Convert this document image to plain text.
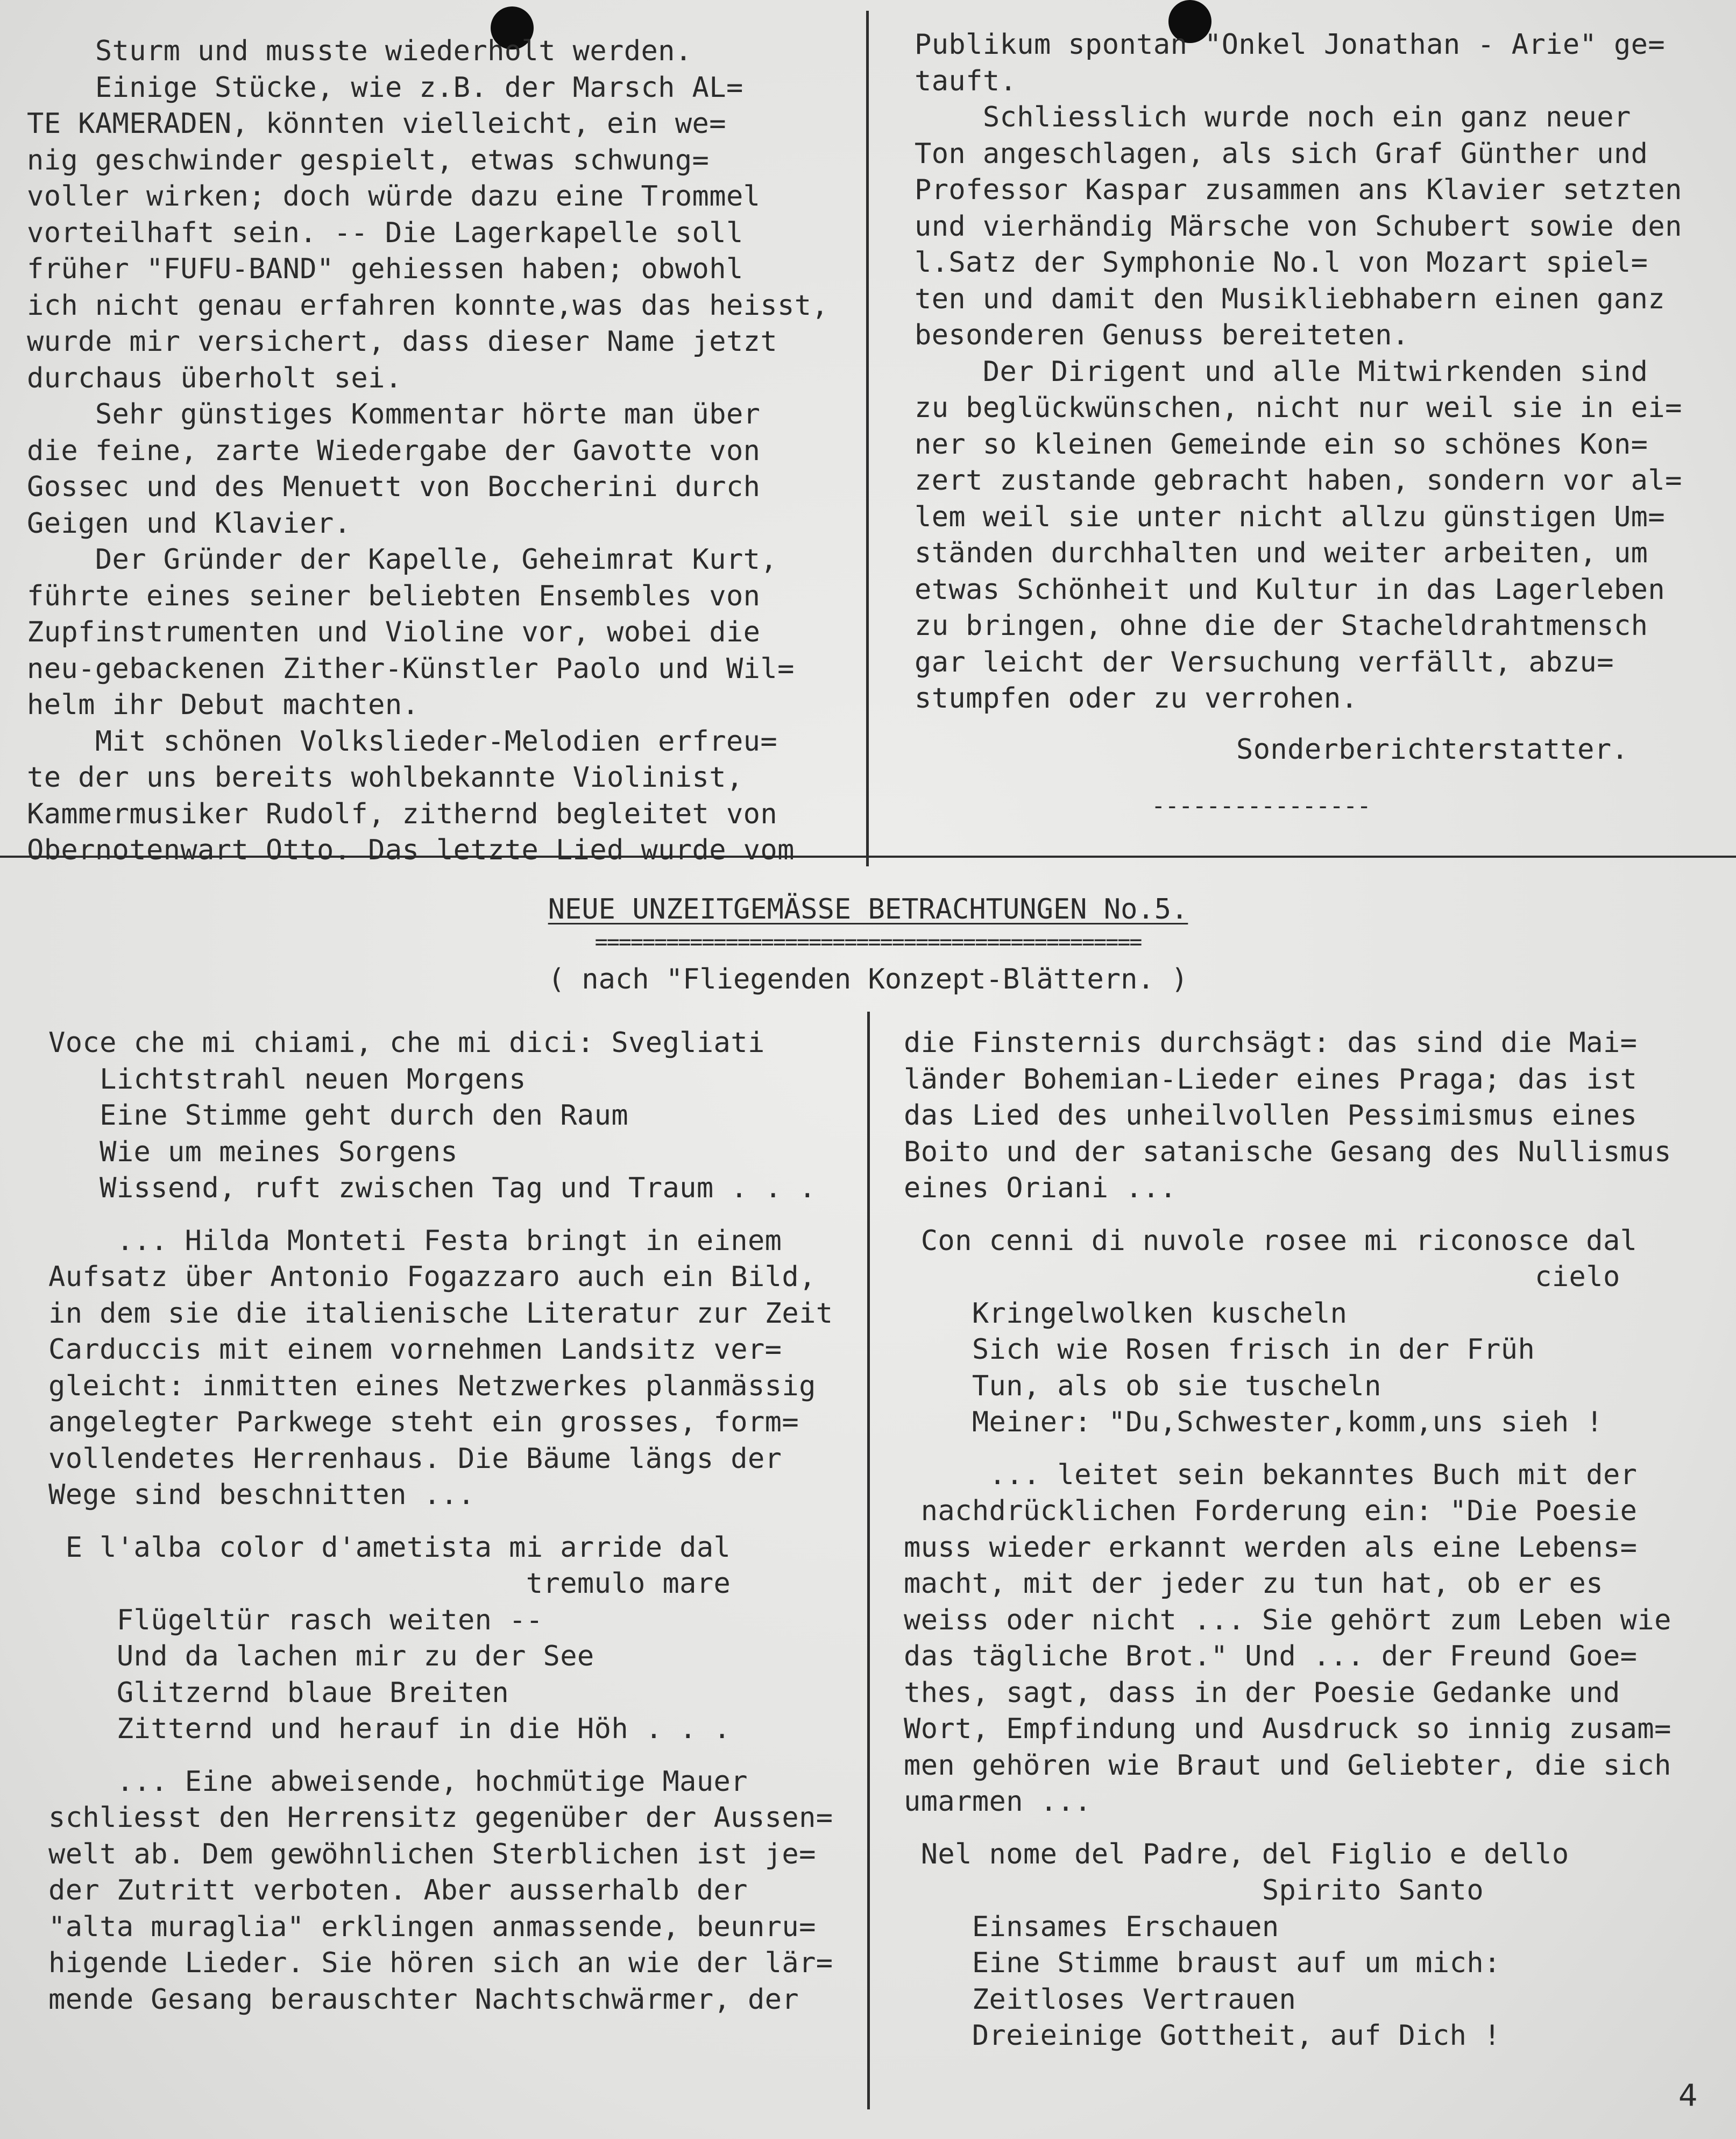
Sturm und musste wiederholt werden.
Einige Stücke, wie z.B. der Marsch AL=
TE KAMERADEN, könnten vielleicht, ein we=
nig geschwinder gespielt, etwas schwung=
voller wirken; doch würde dazu eine Trommel
vorteilhaft sein. -- Die Lagerkapelle soll
früher "FUFU-BAND" gehiessen haben; obwohl
ich nicht genau erfahren konnte,was das heisst,
wurde mir versichert, dass dieser Name jetzt
durchaus überholt sei.
Sehr günstiges Kommentar hörte man über
die feine, zarte Wiedergabe der Gavotte von
Gossec und des Menuett von Boccherini durch
Geigen und Klavier.
Der Gründer der Kapelle, Geheimrat Kurt,
führte eines seiner beliebten Ensembles von
Zupfinstrumenten und Violine vor, wobei die
neu-gebackenen Zither-Künstler Paolo und Wil=
helm ihr Debut machten.
Mit schönen Volkslieder-Melodien erfreu=
te der uns bereits wohlbekannte Violinist,
Kammermusiker Rudolf, zithernd begleitet von
Obernotenwart Otto. Das letzte Lied wurde vom
Publikum spontan "Onkel Jonathan - Arie" ge=
tauft.
Schliesslich wurde noch ein ganz neuer
Ton angeschlagen, als sich Graf Günther und
Professor Kaspar zusammen ans Klavier setzten
und vierhändig Märsche von Schubert sowie den
l.Satz der Symphonie No.l von Mozart spiel=
ten und damit den Musikliebhabern einen ganz
besonderen Genuss bereiteten.
Der Dirigent und alle Mitwirkenden sind
zu beglückwünschen, nicht nur weil sie in ei=
ner so kleinen Gemeinde ein so schönes Kon=
zert zustande gebracht haben, sondern vor al=
lem weil sie unter nicht allzu günstigen Um=
ständen durchhalten und weiter arbeiten, um
etwas Schönheit und Kultur in das Lagerleben
zu bringen, ohne die der Stacheldrahtmensch
gar leicht der Versuchung verfällt, abzu=
stumpfen oder zu verrohen.
Sonderberichterstatter.
----------------
NEUE UNZEITGEMÄSSE BETRACHTUNGEN No.5.
==============================================
( nach "Fliegenden Konzept-Blättern. )
Voce che mi chiami, che mi dici: Svegliati
Lichtstrahl neuen Morgens
Eine Stimme geht durch den Raum
Wie um meines Sorgens
Wissend, ruft zwischen Tag und Traum . . .
... Hilda Monteti Festa bringt in einem
Aufsatz über Antonio Fogazzaro auch ein Bild,
in dem sie die italienische Literatur zur Zeit
Carduccis mit einem vornehmen Landsitz ver=
gleicht: inmitten eines Netzwerkes planmässig
angelegter Parkwege steht ein grosses, form=
vollendetes Herrenhaus. Die Bäume längs der
Wege sind beschnitten ...
E l'alba color d'ametista mi arride dal
tremulo mare
Flügeltür rasch weiten --
Und da lachen mir zu der See
Glitzernd blaue Breiten
Zitternd und herauf in die Höh . . .
... Eine abweisende, hochmütige Mauer
schliesst den Herrensitz gegenüber der Aussen=
welt ab. Dem gewöhnlichen Sterblichen ist je=
der Zutritt verboten. Aber ausserhalb der
"alta muraglia" erklingen anmassende, beunru=
higende Lieder. Sie hören sich an wie der lär=
mende Gesang berauschter Nachtschwärmer, der
die Finsternis durchsägt: das sind die Mai=
länder Bohemian-Lieder eines Praga; das ist
das Lied des unheilvollen Pessimismus eines
Boito und der satanische Gesang des Nullismus
eines Oriani ...
Con cenni di nuvole rosee mi riconosce dal
cielo
Kringelwolken kuscheln
Sich wie Rosen frisch in der Früh
Tun, als ob sie tuscheln
Meiner: "Du,Schwester,komm,uns sieh !
... leitet sein bekanntes Buch mit der
nachdrücklichen Forderung ein: "Die Poesie
muss wieder erkannt werden als eine Lebens=
macht, mit der jeder zu tun hat, ob er es
weiss oder nicht ... Sie gehört zum Leben wie
das tägliche Brot." Und ... der Freund Goe=
thes, sagt, dass in der Poesie Gedanke und
Wort, Empfindung und Ausdruck so innig zusam=
men gehören wie Braut und Geliebter, die sich
umarmen ...
Nel nome del Padre, del Figlio e dello
Spirito Santo
Einsames Erschauen
Eine Stimme braust auf um mich:
Zeitloses Vertrauen
Dreieinige Gottheit, auf Dich !
4
